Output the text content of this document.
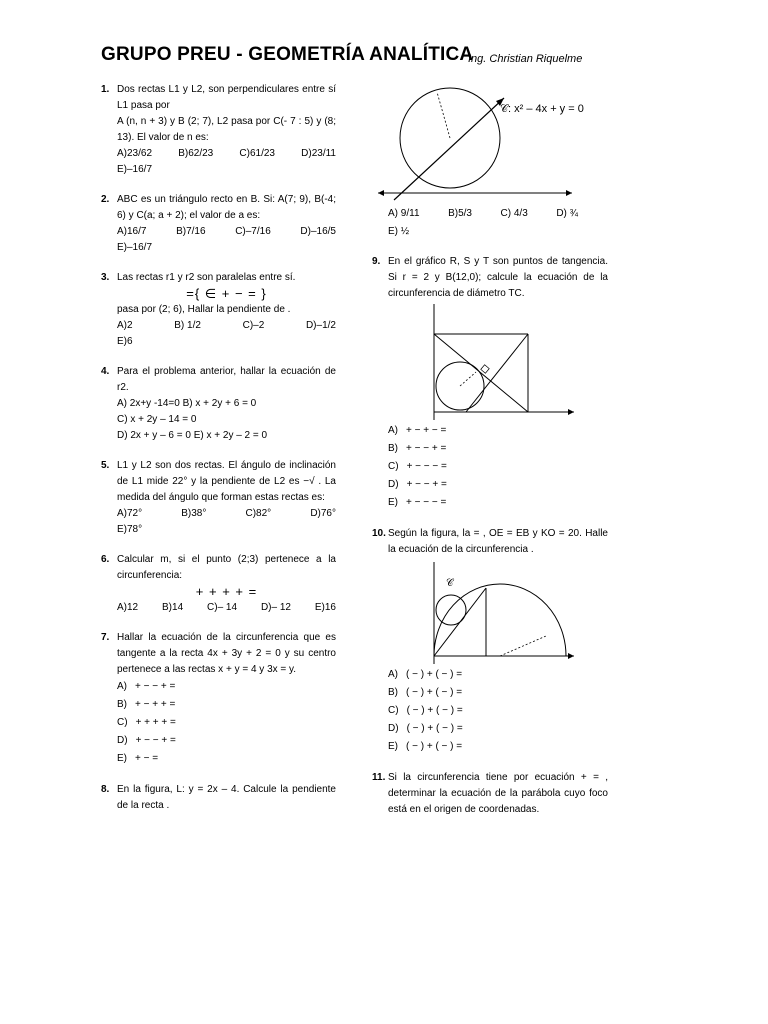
GRUPO PREU - GEOMETRÍA ANALÍTICA
Ing. Christian Riquelme
1. Dos rectas L1 y L2, son perpendiculares entre sí L1 pasa por

A (n, n + 3) y B (2; 7), L2 pasa por C(- 7 : 5) y (8; 13). El valor de n es:

A)23/62	B)62/23	C)61/23	D)23/11

E)–16/7

2. ABC es un triángulo recto en B. Si: A(7; 9), B(-4; 6) y C(a; a + 2); el valor de a es:

A)16/7	B)7/16	C)–7/16	D)–16/5

E)–16/7

3. Las rectas r1 y r2 son paralelas entre sí.

={ ∈ + − = }

pasa por (2; 6), Hallar la pendiente de .

A)2	B) 1/2	C)–2	D)–1/2

E)6

4. Para el problema anterior, hallar la ecuación de r2.

A) 2x+y -14=0 B) x + 2y + 6 = 0

C) x + 2y – 14 = 0

D) 2x + y – 6 = 0 E) x + 2y – 2 = 0

5. L1 y L2 son dos rectas. El ángulo de inclinación de L1 mide 22° y la pendiente de L2 es −√ . La medida del ángulo que forman estas rectas es:

A)72°	B)38°	C)82°	D)76°

E)78°

6. Calcular m, si el punto (2;3) pertenece a la circunferencia:

+ + + + =

A)12 B)14 C)– 14 D)– 12 E)16
7. Hallar la ecuación de la circunferencia que es tangente a la recta 4x + 3y + 2 = 0 y su centro pertenece a las rectas x + y = 4 y 3x = y.

A) + − − + =
B) + − + + =
C) + + + + =
D) + − − + =
E) + − =
8. En la figura, L: y = 2x – 4. Calcule la pendiente de la recta .

𝒞: x² – 4x + y = 0
A) 9/11	B)5/3	C) 4/3	D) ¾

E) ½

9. En el gráfico R, S y T son puntos de tangencia. Si r = 2 y B(12,0); calcule la ecuación de la circunferencia de diámetro TC.

A) + − + − =
B) + − − + =
C) + − − − =
D) + − − + =
E) + − − − =
10. Según la figura, la = , OE = EB y KO = 20. Halle la ecuación de la circunferencia .

𝒞
A) ( − ) + ( − ) =
B) ( − ) + ( − ) =
C) ( − ) + ( − ) =
D) ( − ) + ( − ) =
E) ( − ) + ( − ) =
11. Si la circunferencia tiene por ecuación + = , determinar la ecuación de la parábola cuyo foco está en el origen de coordenadas.
